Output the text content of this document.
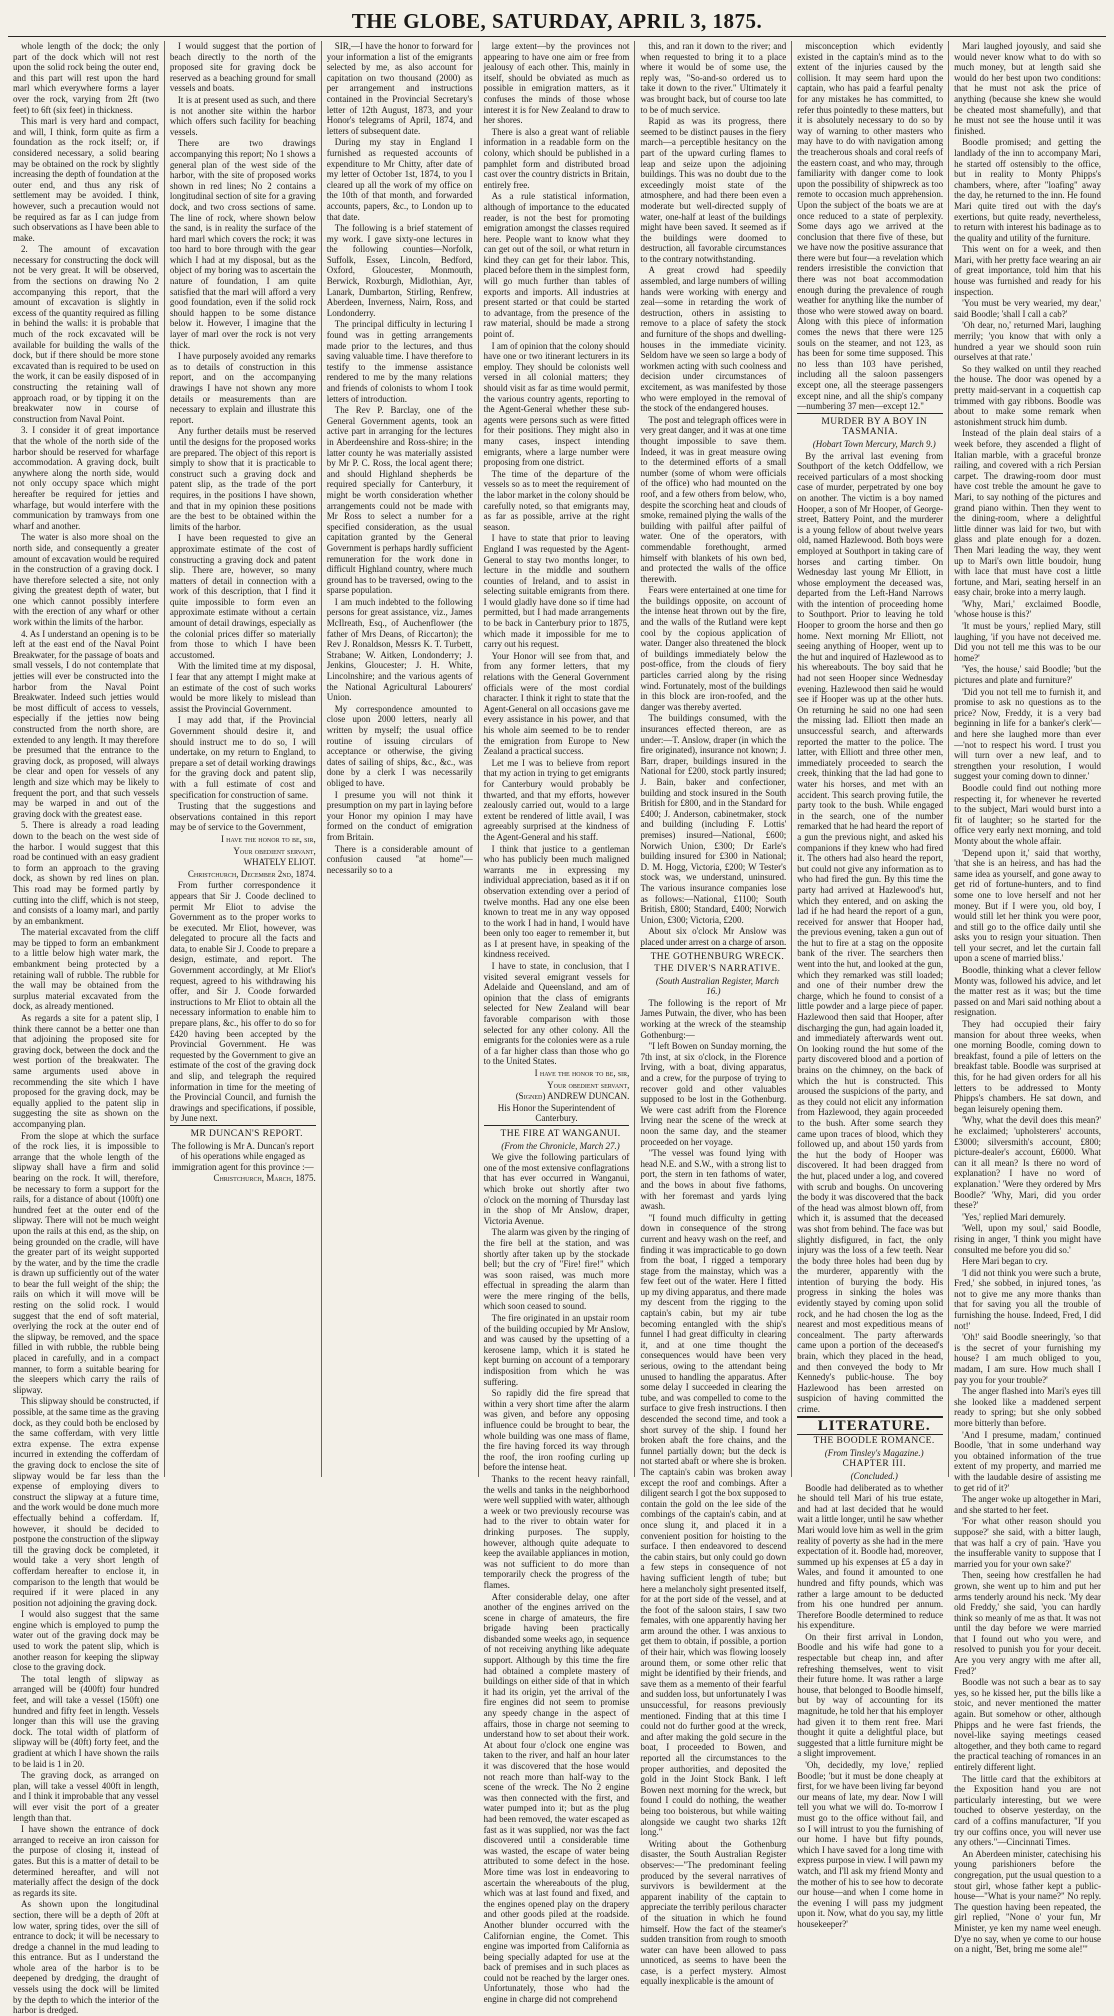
THE GLOBE, SATURDAY, APRIL 3, 1875.

whole length of the dock; the only part of the dock which will not rest upon the solid rock being the outer end, and this part will rest upon the hard marl which everywhere forms a layer over the rock, varying from 2ft (two feet) to 6ft (six feet) in thickness.

This marl is very hard and compact, and will, I think, form quite as firm a foundation as the rock itself; or, if considered necessary, a solid bearing may be obtained on the rock by slightly increasing the depth of foundation at the outer end, and thus any risk of settlement may be avoided. I think, however, such a precaution would not be required as far as I can judge from such observations as I have been able to make.

2. The amount of excavation necessary for constructing the dock will not be very great. It will be observed, from the sections on drawing No 2 accompanying this report, that the amount of excavation is slightly in excess of the quantity required as filling in behind the walls: it is probable that much of the rock excavated will be available for building the walls of the dock, but if there should be more stone excavated than is required to be used on the work, it can be easily disposed of in constructing the retaining wall of approach road, or by tipping it on the breakwater now in course of construction from Naval Point.

3. I consider it of great importance that the whole of the north side of the harbor should be reserved for wharfage accommodation. A graving dock, built anywhere along the north side, would not only occupy space which might hereafter be required for jetties and wharfage, but would interfere with the communication by tramways from one wharf and another.

The water is also more shoal on the north side, and consequently a greater amount of excavation would be required in the construction of a graving dock. I have therefore selected a site, not only giving the greatest depth of water, but one which cannot possibly interfere with the erection of any wharf or other work within the limits of the harbor.

4. As I understand an opening is to be left at the east end of the Naval Point Breakwater, for the passage of boats and small vessels, I do not contemplate that jetties will ever be constructed into the harbor from the Naval Point Breakwater. Indeed such jetties would be most difficult of access to vessels, especially if the jetties now being constructed from the north shore, are extended to any length. It may therefore be presumed that the entrance to the graving dock, as proposed, will always be clear and open for vessels of any length and size which may be likely to frequent the port, and that such vessels may be warped in and out of the graving dock with the greatest ease.

5. There is already a road leading down to the beach on the west side of the harbor. I would suggest that this road be continued with an easy gradient to form an approach to the graving dock, as shown by red lines on plan. This road may be formed partly by cutting into the cliff, which is not steep, and consists of a loamy marl, and partly by an embankment.

The material excavated from the cliff may be tipped to form an embankment to a little below high water mark, the embankment being protected by a retaining wall of rubble. The rubble for the wall may be obtained from the surplus material excavated from the dock, as already mentioned.

As regards a site for a patent slip, I think there cannot be a better one than that adjoining the proposed site for graving dock, between the dock and the west portion of the breakwater. The same arguments used above in recommending the site which I have proposed for the graving dock, may be equally applied to the patent slip in suggesting the site as shown on the accompanying plan.

From the slope at which the surface of the rock lies, it is impossible to arrange that the whole length of the slipway shall have a firm and solid bearing on the rock. It will, therefore, be necessary to form a support for the rails, for a distance of about (100ft) one hundred feet at the outer end of the slipway. There will not be much weight upon the rails at this end, as the ship, on being grounded on the cradle, will have the greater part of its weight supported by the water, and by the time the cradle is drawn up sufficiently out of the water to bear the full weight of the ship; the rails on which it will move will be resting on the solid rock. I would suggest that the end of soft material, overlying the rock at the outer end of the slipway, be removed, and the space filled in with rubble, the rubble being placed in carefully, and in a compact manner, to form a suitable bearing for the sleepers which carry the rails of slipway.

This slipway should be constructed, if possible, at the same time as the graving dock, as they could both be enclosed by the same cofferdam, with very little extra expense. The extra expense incurred in extending the cofferdam of the graving dock to enclose the site of slipway would be far less than the expense of employing divers to construct the slipway at a future time, and the work would be done much more effectually behind a cofferdam. If, however, it should be decided to postpone the construction of the slipway till the graving dock be completed, it would take a very short length of cofferdam hereafter to enclose it, in comparison to the length that would be required if it were placed in any position not adjoining the graving dock.

I would also suggest that the same engine which is employed to pump the water out of the graving dock may be used to work the patent slip, which is another reason for keeping the slipway close to the graving dock.

The total length of slipway as arranged will be (400ft) four hundred feet, and will take a vessel (150ft) one hundred and fifty feet in length. Vessels longer than this will use the graving dock. The total width of platform of slipway will be (40ft) forty feet, and the gradient at which I have shown the rails to be laid is 1 in 20.

The graving dock, as arranged on plan, will take a vessel 400ft in length, and I think it improbable that any vessel will ever visit the port of a greater length than that.

I have shown the entrance of dock arranged to receive an iron caisson for the purpose of closing it, instead of gates. But this is a matter of detail to be determined hereafter, and will not materially affect the design of the dock as regards its site.

As shown upon the longitudinal section, there will be a depth of 20ft at low water, spring tides, over the sill of entrance to dock; it will be necessary to dredge a channel in the mud leading to this entrance. But as I understand the whole area of the harbor is to be deepened by dredging, the draught of vessels using the dock will be limited by the depth to which the interior of the harbor is dredged.

I would suggest that the portion of beach directly to the north of the proposed site for graving dock be reserved as a beaching ground for small vessels and boats.

It is at present used as such, and there is not another site within the harbor which offers such facility for beaching vessels.

There are two drawings accompanying this report; No 1 shows a general plan of the west side of the harbor, with the site of proposed works shown in red lines; No 2 contains a longitudinal section of site for a graving dock, and two cross sections of same. The line of rock, where shown below the sand, is in reality the surface of the hard marl which covers the rock; it was too hard to bore through with the gear which I had at my disposal, but as the object of my boring was to ascertain the nature of foundation, I am quite satisfied that the marl will afford a very good foundation, even if the solid rock should happen to be some distance below it. However, I imagine that the layer of marl over the rock is not very thick.

I have purposely avoided any remarks as to details of construction in this report, and on the accompanying drawings I have not shown any more details or measurements than are necessary to explain and illustrate this report.

Any further details must be reserved until the designs for the proposed works are prepared. The object of this report is simply to show that it is practicable to construct such a graving dock and patent slip, as the trade of the port requires, in the positions I have shown, and that in my opinion these positions are the best to be obtained within the limits of the harbor.

I have been requested to give an approximate estimate of the cost of constructing a graving dock and patent slip. There are, however, so many matters of detail in connection with a work of this description, that I find it quite impossible to form even an approximate estimate without a certain amount of detail drawings, especially as the colonial prices differ so materially from those to which I have been accustomed.

With the limited time at my disposal, I fear that any attempt I might make at an estimate of the cost of such works would be more likely to mislead than assist the Provincial Government.

I may add that, if the Provincial Government should desire it, and should instruct me to do so, I will undertake, on my return to England, to prepare a set of detail working drawings for the graving dock and patent slip, with a full estimate of cost and specification for construction of same.

Trusting that the suggestions and observations contained in this report may be of service to the Government,

I have the honor to be, sir,

Your obedient servant,

WHATELY ELIOT.

Christchurch, December 2nd, 1874.

From further correspondence it appears that Sir J. Coode declined to permit Mr Eliot to advise the Government as to the proper works to be executed. Mr Eliot, however, was delegated to procure all the facts and data, to enable Sir J. Coode to prepare a design, estimate, and report. The Government accordingly, at Mr Eliot's request, agreed to his withdrawing his offer, and Sir J. Coode forwarded instructions to Mr Eliot to obtain all the necessary information to enable him to prepare plans, &c., his offer to do so for £420 having been accepted by the Provincial Government. He was requested by the Government to give an estimate of the cost of the graving dock and slip, and telegraph the required information in time for the meeting of the Provincial Council, and furnish the drawings and specifications, if possible, by June next.

MR DUNCAN'S REPORT.

The following is Mr A. Duncan's report of his operations while engaged as immigration agent for this province :—

Christchurch, March, 1875.

SIR,—I have the honor to forward for your information a list of the emigrants selected by me, as also account for capitation on two thousand (2000) as per arrangement and instructions contained in the Provincial Secretary's letter of 12th August, 1873, and your Honor's telegrams of April, 1874, and letters of subsequent date.

During my stay in England I furnished as requested accounts of expenditure to Mr Chitty, after date of my letter of October 1st, 1874, to you I cleared up all the work of my office on the 10th of that month, and forwarded accounts, papers, &c., to London up to that date.

The following is a brief statement of my work. I gave sixty-one lectures in the following counties—Norfolk, Suffolk, Essex, Lincoln, Bedford, Oxford, Gloucester, Monmouth, Berwick, Roxburgh, Midlothian, Ayr, Lanark, Dumbarton, Stirling, Renfrew, Aberdeen, Inverness, Nairn, Ross, and Londonderry.

The principal difficulty in lecturing I found was in getting arrangements made prior to the lectures, and thus saving valuable time. I have therefore to testify to the immense assistance rendered to me by the many relations and friends of colonists to whom I took letters of introduction.

The Rev P. Barclay, one of the General Government agents, took an active part in arranging for the lectures in Aberdeenshire and Ross-shire; in the latter county he was materially assisted by Mr P. C. Ross, the local agent there; and should Highland shepherds be required specially for Canterbury, it might be worth consideration whether arrangements could not be made with Mr Ross to select a number for a specified consideration, as the usual capitation granted by the General Government is perhaps hardly sufficient remuneration for the work done in difficult Highland country, where much ground has to be traversed, owing to the sparse population.

I am much indebted to the following persons for great assistance, viz., James McIlreath, Esq., of Auchenflower (the father of Mrs Deans, of Riccarton); the Rev J. Ronaldson, Messrs K. T. Turbett, Strabane; W. Aitken, Londonderry; J. Jenkins, Gloucester; J. H. White, Lincolnshire; and the various agents of the National Agricultural Labourers' Union.

My correspondence amounted to close upon 2000 letters, nearly all written by myself; the usual office routine of issuing circulars of acceptance or otherwise, the giving dates of sailing of ships, &c., &c., was done by a clerk I was necessarily obliged to have.

I presume you will not think it presumption on my part in laying before your Honor my opinion I may have formed on the conduct of emigration from Britain.

There is a considerable amount of confusion caused "at home"—necessarily so to a

large extent—by the provinces not appearing to have one aim or free from jealousy of each other. This, mainly in itself, should be obviated as much as possible in emigration matters, as it confuses the minds of those whose interest it is for New Zealand to draw to her shores.

There is also a great want of reliable information in a readable form on the colony, which should be published in a pamphlet form and distributed broad cast over the country districts in Britain, entirely free.

As a rule statistical information, although of importance to the educated reader, is not the best for promoting emigration amongst the classes required here. People want to know what they can get out of the soil, or what return in kind they can get for their labor. This, placed before them in the simplest form, will go much further than tables of exports and imports. All industries at present started or that could be started to advantage, from the presence of the raw material, should be made a strong point of.

I am of opinion that the colony should have one or two itinerant lecturers in its employ. They should be colonists well versed in all colonial matters; they should visit as far as time would permit, the various country agents, reporting to the Agent-General whether these sub-agents were persons such as were fitted for their positions. They might also in many cases, inspect intending emigrants, where a large number were proposing from one district.

The time of the departure of the vessels so as to meet the requirement of the labor market in the colony should be carefully noted, so that emigrants may, as far as possible, arrive at the right season.

I have to state that prior to leaving England I was requested by the Agent-General to stay two months longer, to lecture in the middle and southern counties of Ireland, and to assist in selecting suitable emigrants from there. I would gladly have done so if time had permitted, but I had made arrangements to be back in Canterbury prior to 1875, which made it impossible for me to carry out his request.

Your Honor will see from that, and from any former letters, that my relations with the General Government officials were of the most cordial character. I think it right to state that the Agent-General on all occasions gave me every assistance in his power, and that his whole aim seemed to be to render the emigration from Europe to New Zealand a practical success.

Let me I was to believe from report that my action in trying to get emigrants for Canterbury would probably be thwarted, and that my efforts, however zealously carried out, would to a large extent be rendered of little avail, I was agreeably surprised at the kindness of the Agent-General and his staff.

I think that justice to a gentleman who has publicly been much maligned warrants me in expressing my individual appreciation, based as it if on observation extending over a period of twelve months. Had any one else been known to treat me in any way opposed to the work I had in hand, I would have been only too eager to remember it, but as I at present have, in speaking of the kindness received.

I have to state, in conclusion, that I visited several emigrant vessels for Adelaide and Queensland, and am of opinion that the class of emigrants selected for New Zealand will bear favorable comparison with those selected for any other colony. All the emigrants for the colonies were as a rule of a far higher class than those who go to the United States.

I have the honor to be, sir,

Your obedient servant,

(Signed) ANDREW DUNCAN.

His Honor the Superintendent of Canterbury.

THE FIRE AT WANGANUI.

(From the Chronicle, March 27.)

We give the following particulars of one of the most extensive conflagrations that has ever occurred in Wanganui, which broke out shortly after two o'clock on the morning of Thursday last in the shop of Mr Anslow, draper, Victoria Avenue.

The alarm was given by the ringing of the fire bell at the station, and was shortly after taken up by the stockade bell; but the cry of "Fire! fire!" which was soon raised, was much more effectual in spreading the alarm than were the mere ringing of the bells, which soon ceased to sound.

The fire originated in an upstair room of the building occupied by Mr Anslow, and was caused by the upsetting of a kerosene lamp, which it is stated he kept burning on account of a temporary indisposition from which he was suffering.

So rapidly did the fire spread that within a very short time after the alarm was given, and before any opposing influence could be brought to bear, the whole building was one mass of flame, the fire having forced its way through the roof, the iron roofing curling up before the intense heat.

Thanks to the recent heavy rainfall, the wells and tanks in the neighborhood were well supplied with water, although a week or two previously recourse was had to the river to obtain water for drinking purposes. The supply, however, although quite adequate to keep the available appliances in motion, was not sufficient to do more than temporarily check the progress of the flames.

After considerable delay, one after another of the engines arrived on the scene in charge of amateurs, the fire brigade having been practically disbanded some weeks ago, in sequence of not receiving anything like adequate support. Although by this time the fire had obtained a complete mastery of buildings on either side of that in which it had its origin, yet the arrival of the fire engines did not seem to promise any speedy change in the aspect of affairs, those in charge not seeming to understand how to set about their work. At about four o'clock one engine was taken to the river, and half an hour later it was discovered that the hose would not reach more than half-way to the scene of the wreck. The No 2 engine was then connected with the first, and water pumped into it; but as the plug had been removed, the water escaped as fast as it was supplied, nor was the fact discovered until a considerable time was wasted, the escape of water being attributed to some defect in the hose. More time was lost in endeavoring to ascertain the whereabouts of the plug, which was at last found and fixed, and the engines opened play on the drapery and other goods piled at the roadside. Another blunder occurred with the Californian engine, the Comet. This engine was imported from California as being specially adapted for use at the back of premises and in such places as could not be reached by the larger ones. Unfortunately, those who had the engine in charge did not comprehend

this, and ran it down to the river; and when requested to bring it to a place where it would be of some use, the reply was, "So-and-so ordered us to take it down to the river." Ultimately it was brought back, but of course too late to be of much service.

Rapid as was its progress, there seemed to be distinct pauses in the fiery march—a perceptible hesitancy on the part of the upward curling flames to leap and seize upon the adjoining buildings. This was no doubt due to the exceedingly moist state of the atmosphere, and had there been even a moderate but well-directed supply of water, one-half at least of the buildings might have been saved. It seemed as if the buildings were doomed to destruction, all favorable circumstances to the contrary notwithstanding.

A great crowd had speedily assembled, and large numbers of willing hands were working with energy and zeal—some in retarding the work of destruction, others in assisting to remove to a place of safety the stock and furniture of the shops and dwelling-houses in the immediate vicinity. Seldom have we seen so large a body of workmen acting with such coolness and decision under circumstances of excitement, as was manifested by those who were employed in the removal of the stock of the endangered houses.

The post and telegraph offices were in very great danger, and it was at one time thought impossible to save them. Indeed, it was in great measure owing to the determined efforts of a small number (some of whom were officials of the office) who had mounted on the roof, and a few others from below, who, despite the scorching heat and clouds of smoke, remained plying the walls of the building with pailful after pailful of water. One of the operators, with commendable forethought, armed himself with blankets of his own bed, and protected the walls of the office therewith.

Fears were entertained at one time for the buildings opposite, on account of the intense heat thrown out by the fire, and the walls of the Rutland were kept cool by the copious application of water. Danger also threatened the block of buildings immediately below the post-office, from the clouds of fiery particles carried along by the rising wind. Fortunately, most of the buildings in this block are iron-roofed, and the danger was thereby averted.

The buildings consumed, with the insurances effected thereon, are as under:—T. Anslow, draper (in which the fire originated), insurance not known; J. Barr, draper, buildings insured in the National for £200, stock partly insured; J. Bain, baker and confectioner, building and stock insured in the South British for £800, and in the Standard for £400; J. Anderson, cabinetmaker, stock and building (including F. Lottis' premises) insured—National, £600; Norwich Union, £300; Dr Earle's building insured for £300 in National; D. M. Hogg, Victoria, £200; W Tester's stock was, we understand, uninsured. The various insurance companies lose as follows:—National, £1100; South British, £800; Standard, £400; Norwich Union, £300; Victoria, £200.

About six o'clock Mr Anslow was placed under arrest on a charge of arson.

THE GOTHENBURG WRECK.

THE DIVER'S NARRATIVE.

(South Australian Register, March 16.)

The following is the report of Mr James Putwain, the diver, who has been working at the wreck of the steamship Gothenburg:—

"I left Bowen on Sunday morning, the 7th inst, at six o'clock, in the Florence Irving, with a boat, diving apparatus, and a crew, for the purpose of trying to recover gold and other valuables supposed to be lost in the Gothenburg. We were cast adrift from the Florence Irving near the scene of the wreck at noon the same day, and the steamer proceeded on her voyage.

"The vessel was found lying with head N.E. and S.W., with a strong list to port, the stern in ten fathoms of water, and the bows in about five fathoms, with her foremast and yards lying awash.

"I found much difficulty in getting down in consequence of the strong current and heavy wash on the reef, and finding it was impracticable to go down from the boat, I rigged a temporary stage from the mainstay, which was a few feet out of the water. Here I fitted up my diving apparatus, and there made my descent from the rigging to the captain's cabin, but my air tube becoming entangled with the ship's funnel I had great difficulty in clearing it, and at one time thought the consequences would have been very serious, owing to the attendant being unused to handling the apparatus. After some delay I succeeded in clearing the tube, and was compelled to come to the surface to give fresh instructions. I then descended the second time, and took a short survey of the ship. I found her broken abaft the fore chains, and the funnel partially down; but the deck is not started abaft or where she is broken. The captain's cabin was broken away except the roof and combings. After a diligent search I got the box supposed to contain the gold on the lee side of the combings of the captain's cabin, and at once slung it, and placed it in a convenient position for hoisting to the surface. I then endeavored to descend the cabin stairs, but only could go down a few steps in consequence of not having sufficient length of tube; but here a melancholy sight presented itself, for at the port side of the vessel, and at the foot of the saloon stairs, I saw two females, with one apparently having her arm around the other. I was anxious to get them to obtain, if possible, a portion of their hair, which was flowing loosely around them, or some other relic that might be identified by their friends, and save them as a memento of their fearful and sudden loss, but unfortunately I was unsuccessful, for reasons previously mentioned. Finding that at this time I could not do further good at the wreck, and after making the gold secure in the boat, I proceeded to Bowen, and reported all the circumstances to the proper authorities, and deposited the gold in the Joint Stock Bank. I left Bowen next morning for the wreck, but found I could do nothing, the weather being too boisterous, but while waiting alongside we caught two sharks 12ft long."

Writing about the Gothenburg disaster, the South Australian Register observes:—"The predominant feeling produced by the several narratives of survivors is bewilderment at the apparent inability of the captain to appreciate the terribly perilous character of the situation in which he found himself. How the fact of the steamer's sudden transition from rough to smooth water can have been allowed to pass unnoticed, as seems to have been the case, is a perfect mystery. Almost equally inexplicable is the amount of

misconception which evidently existed in the captain's mind as to the extent of the injuries caused by the collision. It may seem hard upon the captain, who has paid a fearful penalty for any mistakes he has committed, to refer thus pointedly to these matters, but it is absolutely necessary to do so by way of warning to other masters who may have to do with navigation among the treacherous shoals and coral reefs of the eastern coast, and who may, through familiarity with danger come to look upon the possibility of shipwreck as too remote to occasion much apprehension. Upon the subject of the boats we are at once reduced to a state of perplexity. Some days ago we arrived at the conclusion that there five of these, but we have now the positive assurance that there were but four—a revelation which renders irresistible the conviction that there was not boat accommodation enough during the prevalence of rough weather for anything like the number of those who were stowed away on board. Along with this piece of information comes the news that there were 125 souls on the steamer, and not 123, as has been for some time supposed. This no less than 103 have perished, including all the saloon passengers except one, all the steerage passengers except nine, and all the ship's company—numbering 37 men—except 12."

MURDER BY A BOY IN TASMANIA.

(Hobart Town Mercury, March 9.)

By the arrival last evening from Southport of the ketch Oddfellow, we received particulars of a most shocking case of murder, perpetrated by one boy on another. The victim is a boy named Hooper, a son of Mr Hooper, of George-street, Battery Point, and the murderer is a young fellow of about twelve years old, named Hazlewood. Both boys were employed at Southport in taking care of horses and carting timber. On Wednesday last young Mr Elliott, in whose employment the deceased was, departed from the Left-Hand Narrows with the intention of proceeding home to Southport. Prior to leaving he told Hooper to groom the horse and then go home. Next morning Mr Elliott, not seeing anything of Hooper, went up to the hut and inquired of Hazlewood as to his whereabouts. The boy said that he had not seen Hooper since Wednesday evening. Hazlewood then said he would see if Hooper was up at the other huts. On returning he said no one had seen the missing lad. Elliott then made an unsuccessful search, and afterwards reported the matter to the police. The latter, with Elliott and three other men, immediately proceeded to search the creek, thinking that the lad had gone to water his horses, and met with an accident. This search proving futile, the party took to the bush. While engaged in the search, one of the number remarked that he had heard the report of a gun the previous night, and asked his companions if they knew who had fired it. The others had also heard the report, but could not give any information as to who had fired the gun. By this time the party had arrived at Hazlewood's hut, which they entered, and on asking the lad if he had heard the report of a gun, received for answer that Hooper had, the previous evening, taken a gun out of the hut to fire at a stag on the opposite bank of the river. The searchers then went into the hut, and looked at the gun, which they remarked was still loaded; and one of their number drew the charge, which he found to consist of a little powder and a large piece of paper. Hazlewood then said that Hooper, after discharging the gun, had again loaded it, and immediately afterwards went out. On looking round the hut some of the party discovered blood and a portion of brains on the chimney, on the back of which the hut is constructed. This aroused the suspicions of the party, and as they could not elicit any information from Hazlewood, they again proceeded to the bush. After some search they came upon traces of blood, which they followed up, and about 150 yards from the hut the body of Hooper was discovered. It had been dragged from the hut, placed under a log, and covered with scrub and boughs. On uncovering the body it was discovered that the back of the head was almost blown off, from which it, is assumed that the deceased was shot from behind. The face was but slightly disfigured, in fact, the only injury was the loss of a few teeth. Near the body three holes had been dug by the murderer, apparently with the intention of burying the body. His progress in sinking the holes was evidently stayed by coming upon solid rock, and he had chosen the log as the nearest and most expeditious means of concealment. The party afterwards came upon a portion of the deceased's brain, which they placed in the head, and then conveyed the body to Mr Kennedy's public-house. The boy Hazlewood has been arrested on suspicion of having committed the crime.

LITERATURE.

THE BOODLE ROMANCE.

(From Tinsley's Magazine.)

CHAPTER III.

(Concluded.)

Boodle had deliberated as to whether he should tell Mari of his true estate, and had at last decided that he would wait a little longer, until he saw whether Mari would love him as well in the grim reality of poverty as she had in the mere expectation of it. Boodle had, moreover, summed up his expenses at £5 a day in Wales, and found it amounted to one hundred and fifty pounds, which was rather a large amount to be deducted from his one hundred per annum. Therefore Boodle determined to reduce his expenditure.

On their first arrival in London, Boodle and his wife had gone to a respectable but cheap inn, and after refreshing themselves, went to visit their future home. It was rather a large house, that belonged to Boodle himself, but by way of accounting for its magnitude, he told her that his employer had given it to them rent free. Mari thought it quite a delightful place, but suggested that a little furniture might be a slight improvement.

'Oh, decidedly, my love,' replied Boodle; 'but it must be done cheaply at first, for we have been living far beyond our means of late, my dear. Now I will tell you what we will do. To-morrow I must go to the office without fail, and so I will intrust to you the furnishing of our home. I have but fifty pounds, which I have saved for a long time with express purpose in view. I will pawn my watch, and I'll ask my friend Monty and the mother of his to see how to decorate our house—and when I come home in the evening I will pass my judgment upon it. Now, what do you say, my little housekeeper?'

Mari laughed joyously, and said she would never know what to do with so much money, but at length said she would do her best upon two conditions: that he must not ask the price of anything (because she knew she would be cheated most shamefully), and that he must not see the house until it was finished.

Boodle promised; and getting the landlady of the inn to accompany Mari, he started off ostensibly to the office, but in reality to Monty Phipps's chambers, where, after "loafing" away the day, he returned to the inn. He found Mari quite tired out with the day's exertions, but quite ready, nevertheless, to return with interest his badinage as to the quality and utility of the furniture.

This went on for a week, and then Mari, with her pretty face wearing an air of great importance, told him that his house was furnished and ready for his inspection.

'You must be very wearied, my dear,' said Boodle; 'shall I call a cab?'

'Oh dear, no,' returned Mari, laughing merrily; 'you know that with only a hundred a year we should soon ruin ourselves at that rate.'

So they walked on until they reached the house. The door was opened by a pretty maid-servant in a coquettish cap trimmed with gay ribbons. Boodle was about to make some remark when astonishment struck him dumb.

Instead of the plain deal stairs of a week before, they ascended a flight of Italian marble, with a graceful bronze railing, and covered with a rich Persian carpet. The drawing-room door must have cost treble the amount he gave to Mari, to say nothing of the pictures and grand piano within. Then they went to the dining-room, where a delightful little dinner was laid for two, but with glass and plate enough for a dozen. Then Mari leading the way, they went up to Mari's own little boudoir, hung with lace that must have cost a little fortune, and Mari, seating herself in an easy chair, broke into a merry laugh.

'Why, Mari,' exclaimed Boodle, 'whose house is this?'

'It must be yours,' replied Mary, still laughing, 'if you have not deceived me. Did you not tell me this was to be our home?'

'Yes, the house,' said Boodle; 'but the pictures and plate and furniture?'

'Did you not tell me to furnish it, and promise to ask no questions as to the price? Now, Freddy, it is a very bad beginning in life for a banker's clerk'—and here she laughed more than ever—'not to respect his word. I trust you will turn over a new leaf, and to strengthen your resolution, I would suggest your coming down to dinner.'

Boodle could find out nothing more respecting it, for whenever he reverted to the subject, Mari would burst into a fit of laughter; so he started for the office very early next morning, and told Monty about the whole affair.

'Depend upon it,' said that worthy, 'that she is an heiress, and has had the same idea as yourself, and gone away to get rid of fortune-hunters, and to find some one to love herself and not her money. But if I were you, old boy, I would still let her think you were poor, and still go to the office daily until she asks you to resign your situation. Then tell your secret, and let the curtain fall upon a scene of married bliss.'

Boodle, thinking what a clever fellow Monty was, followed his advice, and let the matter rest as it was; but the time passed on and Mari said nothing about a resignation.

They had occupied their fairy mansion for about three weeks, when one morning Boodle, coming down to breakfast, found a pile of letters on the breakfast table. Boodle was surprised at this, for he had given orders for all his letters to be addressed to Monty Phipps's chambers. He sat down, and began leisurely opening them.

'Why, what the devil does this mean?' he exclaimed; 'upholsterers' accounts, £3000; silversmith's account, £800; picture-dealer's account, £6000. What can it all mean? Is there no word of explanation? I have no word of explanation.' 'Were they ordered by Mrs Boodle?' 'Why, Mari, did you order these?'

'Yes,' replied Mari demurely.

'Well, upon my soul,' said Boodle, rising in anger, 'I think you might have consulted me before you did so.'

Here Mari began to cry.

'I did not think you were such a brute, Fred,' she sobbed, in injured tones, 'as not to give me any more thanks than that for saving you all the trouble of furnishing the house. Indeed, Fred, I did not!'

'Oh!' said Boodle sneeringly, 'so that is the secret of your furnishing my house? I am much obliged to you, madam, I am sure. How much shall I pay you for your trouble?'

The anger flashed into Mari's eyes till she looked like a maddened serpent ready to spring; but she only sobbed more bitterly than before.

'And I presume, madam,' continued Boodle, 'that in some underhand way you obtained information of the true extent of my property, and married me with the laudable desire of assisting me to get rid of it?'

The anger woke up altogether in Mari, and she started to her feet.

'For what other reason should you suppose?' she said, with a bitter laugh, that was half a cry of pain. 'Have you the insufferable vanity to suppose that I married you for your own sake?'

Then, seeing how crestfallen he had grown, she went up to him and put her arms tenderly around his neck. 'My dear old Freddy,' she said, 'you can hardly think so meanly of me as that. It was not until the day before we were married that I found out who you were, and resolved to punish you for your deceit. Are you very angry with me after all, Fred?'

Boodle was not such a bear as to say yes, so he kissed her, put the bills like a stoic, and never mentioned the matter again. But somehow or other, although Phipps and he were fast friends, the novel-like saying meetings ceased altogether, and they both came to regard the practical teaching of romances in an entirely different light.

The little card that the exhibitors at the Exposition hand you are not particularly interesting, but we were touched to observe yesterday, on the card of a coffins manufacturer, "If you try our coffins once, you will never use any others."—Cincinnati Times.

An Aberdeen minister, catechising his young parishioners before the congregation, put the usual question to a stout girl, whose father kept a public-house—"What is your name?" No reply. The question having been repeated, the girl replied, "None o' your fun, Mr Minister, ye ken my name weel eneugh. D'ye no say, when ye come to our house on a night, 'Bet, bring me some ale!'"
